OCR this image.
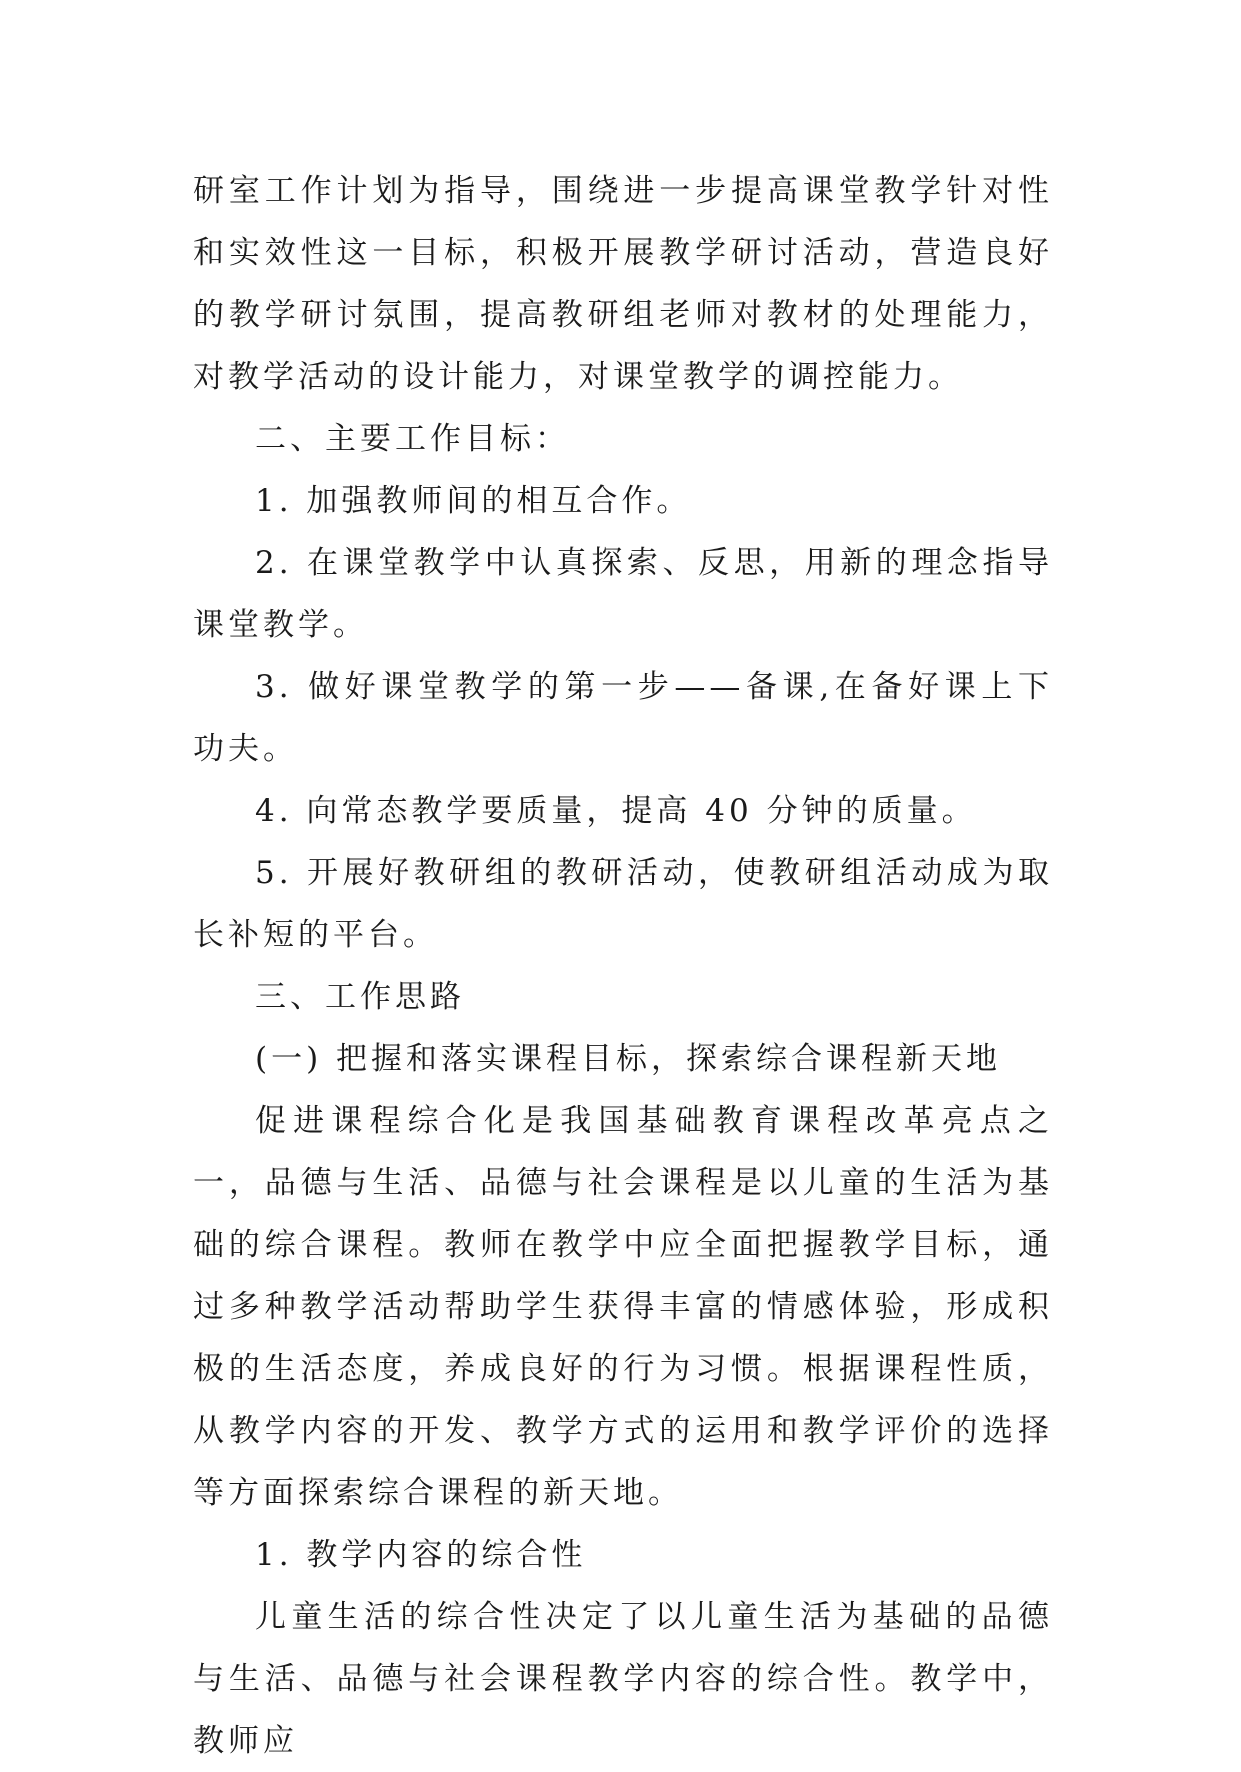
研室工作计划为指导，围绕进一步提高课堂教学针对性和实效性这一目标，积极开展教学研讨活动，营造良好的教学研讨氛围，提高教研组老师对教材的处理能力，对教学活动的设计能力，对课堂教学的调控能力。

二、主要工作目标：

1. 加强教师间的相互合作。

2. 在课堂教学中认真探索、反思，用新的理念指导课堂教学。

3. 做好课堂教学的第一步——备课,在备好课上下功夫。

4. 向常态教学要质量，提高 40 分钟的质量。

5. 开展好教研组的教研活动，使教研组活动成为取长补短的平台。

三、工作思路

(一) 把握和落实课程目标，探索综合课程新天地

促进课程综合化是我国基础教育课程改革亮点之一，品德与生活、品德与社会课程是以儿童的生活为基础的综合课程。教师在教学中应全面把握教学目标，通过多种教学活动帮助学生获得丰富的情感体验，形成积极的生活态度，养成良好的行为习惯。根据课程性质，从教学内容的开发、教学方式的运用和教学评价的选择等方面探索综合课程的新天地。

1. 教学内容的综合性

儿童生活的综合性决定了以儿童生活为基础的品德与生活、品德与社会课程教学内容的综合性。教学中，教师应
